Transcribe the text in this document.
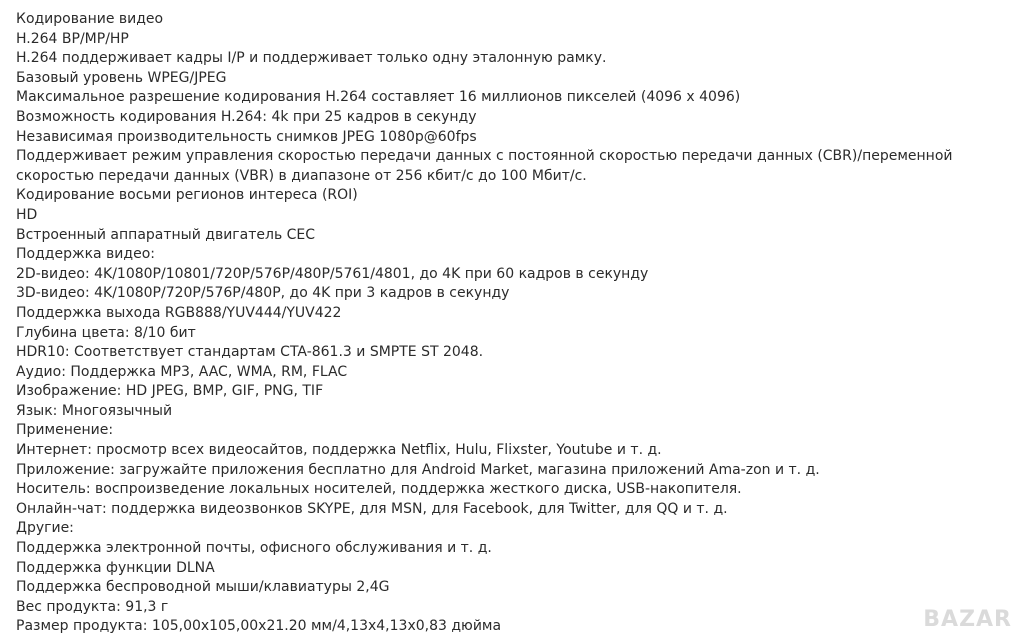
Кодирование видео
H.264 BP/MP/HP
H.264 поддерживает кадры I/P и поддерживает только одну эталонную рамку.
Базовый уровень WPEG/JPEG
Максимальное разрешение кодирования H.264 составляет 16 миллионов пикселей (4096 x 4096)
Возможность кодирования H.264: 4k при 25 кадров в секунду
Независимая производительность снимков JPEG 1080p@60fps
Поддерживает режим управления скоростью передачи данных с постоянной скоростью передачи данных (CBR)/переменной скоростью передачи данных (VBR) в диапазоне от 256 кбит/с до 100 Мбит/с.
Кодирование восьми регионов интереса (ROI)
HD
Встроенный аппаратный двигатель CEC
Поддержка видео:
2D-видео: 4K/1080P/10801/720P/576P/480P/5761/4801, до 4K при 60 кадров в секунду
3D-видео: 4K/1080P/720P/576P/480P, до 4K при 3 кадров в секунду
Поддержка выхода RGB888/YUV444/YUV422
Глубина цвета: 8/10 бит
HDR10: Соответствует стандартам CTA-861.3 и SMPTE ST 2048.
Аудио: Поддержка MP3, AAC, WMA, RM, FLAC
Изображение: HD JPEG, BMP, GIF, PNG, TIF
Язык: Многоязычный
Применение:
Интернет: просмотр всех видеосайтов, поддержка Netflix, Hulu, Flixster, Youtube и т. д.
Приложение: загружайте приложения бесплатно для Android Market, магазина приложений Ama-zon и т. д.
Носитель: воспроизведение локальных носителей, поддержка жесткого диска, USB-накопителя.
Онлайн-чат: поддержка видеозвонков SKYPE, для MSN, для Facebook, для Twitter, для QQ и т. д.
Другие:
Поддержка электронной почты, офисного обслуживания и т. д.
Поддержка функции DLNA
Поддержка беспроводной мыши/клавиатуры 2,4G
Вес продукта: 91,3 г
Размер продукта: 105,00x105,00x21.20 мм/4,13x4,13x0,83 дюйма	BAZAR
